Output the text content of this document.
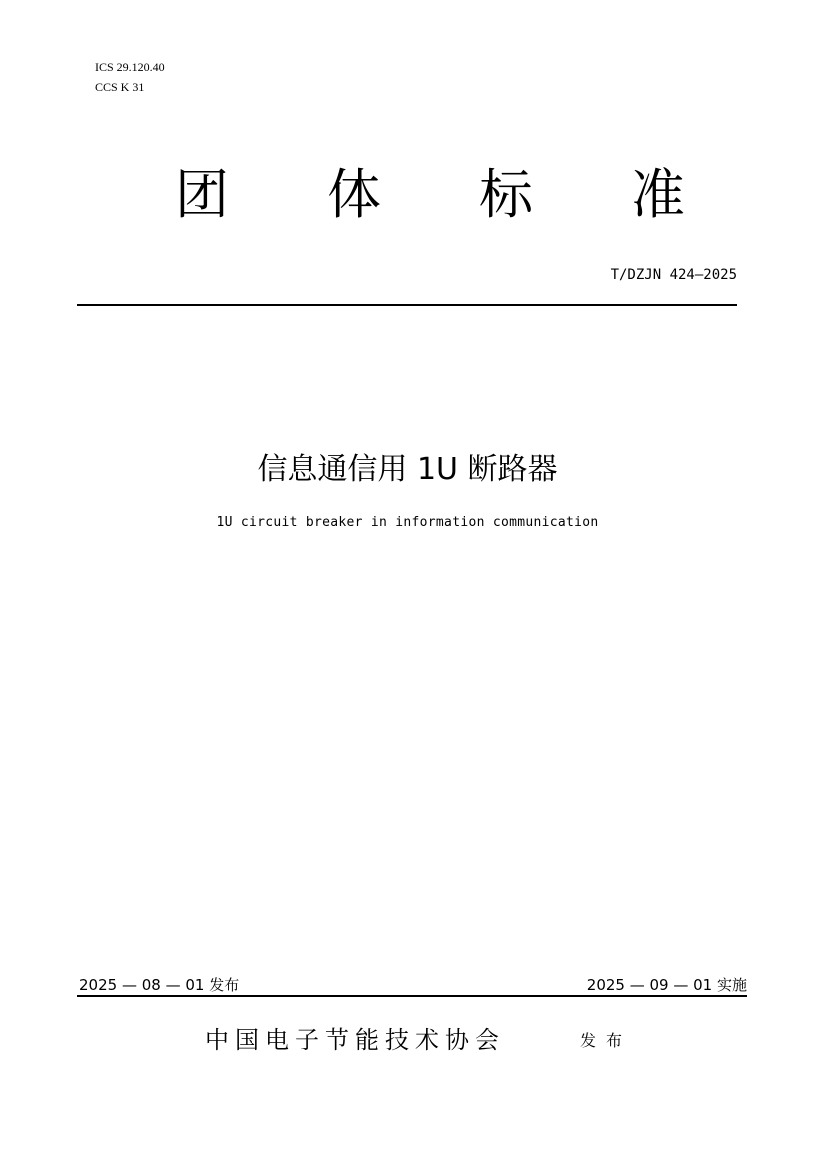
ICS 29.120.40
CCS K 31
团 体 标 准
T/DZJN 424—2025
信息通信用 1U 断路器
1U circuit breaker in information communication
2025 — 08 — 01 发布	2025 — 09 — 01 实施
中国电子节能技术协会	发布
